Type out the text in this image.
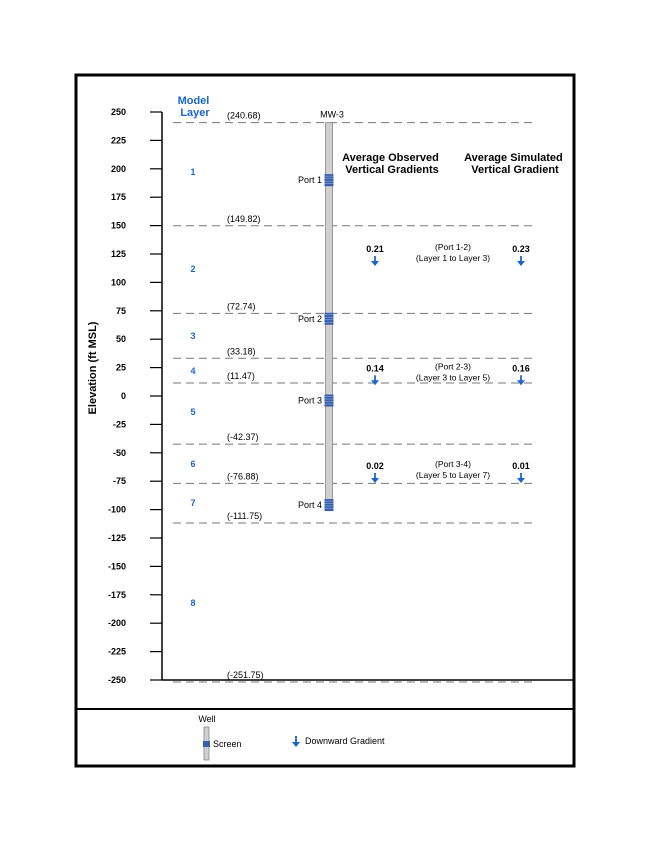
Elevation (ft MSL)
250
225
200
175
150
125
100
75
50
25
0
-25
-50
-75
-100
-125
-150
-175
-200
-225
-250
(240.68)
(149.82)
(72.74)
(33.18)
(11.47)
(-42.37)
(-76.88)
(-111.75)
(-251.75)
Model Layer
1
2
3
4
5
6
7
8
MW-3
Port 1
Port 2
Port 3
Port 4
Average Observed Vertical Gradients
Average Simulated Vertical Gradient
0.21	(Port 1-2)
(Layer 1 to Layer 3)
0.23
0.14	(Port 2-3)
(Layer 3 to Layer 5)
0.16
0.02	(Port 3-4)
(Layer 5 to Layer 7)
0.01
Well
Screen	Downward Gradient
